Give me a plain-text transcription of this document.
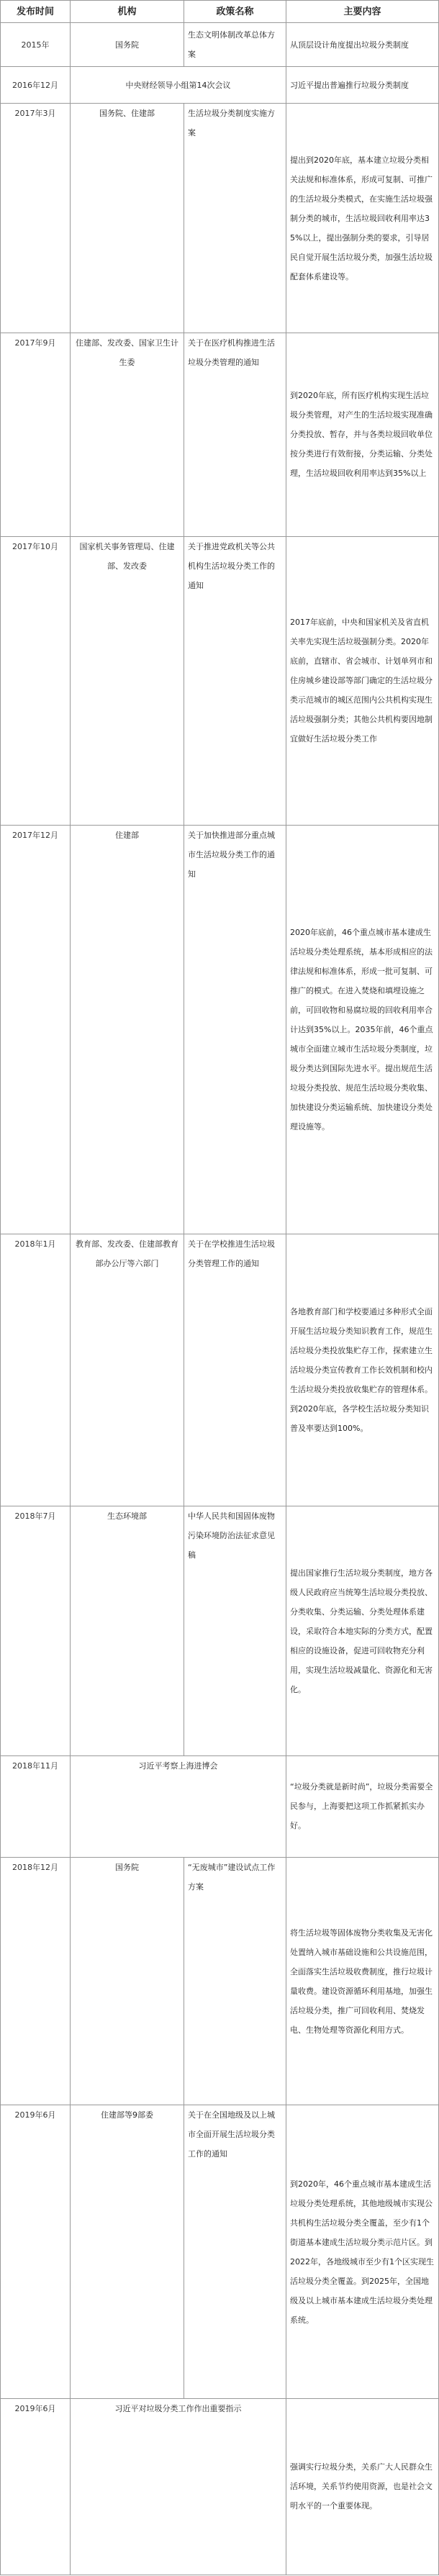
发布时间	机构	政策名称	主要内容
2015年	国务院	生态文明体制改革总体方案	从顶层设计角度提出垃圾分类制度
2016年12月	中央财经领导小组第14次会议		习近平提出普遍推行垃圾分类制度
2017年3月	国务院、住建部	生活垃圾分类制度实施方案	提出到2020年底，基本建立垃圾分类相关法规和标准体系，形成可复制、可推广的生活垃圾分类模式，在实施生活垃圾强制分类的城市，生活垃圾回收利用率达35%以上，提出强制分类的要求，引导居民自觉开展生活垃圾分类，加强生活垃圾配套体系建设等。
2017年9月	住建部、发改委、国家卫生计生委	关于在医疗机构推进生活垃圾分类管理的通知	到2020年底，所有医疗机构实现生活垃圾分类管理，对产生的生活垃圾实现准确分类投放、暂存，并与各类垃圾回收单位按分类进行有效衔接，分类运输、分类处理，生活垃圾回收利用率达到35%以上
2017年10月	国家机关事务管理局、住建部、发改委	关于推进党政机关等公共机构生活垃圾分类工作的通知	2017年底前，中央和国家机关及省直机关率先实现生活垃圾强制分类。2020年底前，直辖市、省会城市、计划单列市和住房城乡建设部等部门确定的生活垃圾分类示范城市的城区范围内公共机构实现生活垃圾强制分类；其他公共机构要因地制宜做好生活垃圾分类工作
2017年12月	住建部	关于加快推进部分重点城市生活垃圾分类工作的通知	2020年底前，46个重点城市基本建成生活垃圾分类处理系统，基本形成相应的法律法规和标准体系，形成一批可复制、可推广的模式。在进入焚烧和填埋设施之前，可回收物和易腐垃圾的回收利用率合计达到35%以上。2035年前，46个重点城市全面建立城市生活垃圾分类制度，垃圾分类达到国际先进水平。提出规范生活垃圾分类投放、规范生活垃圾分类收集、加快建设分类运输系统、加快建设分类处理设施等。
2018年1月	教育部、发改委、住建部教育部办公厅等六部门	关于在学校推进生活垃圾分类管理工作的通知	各地教育部门和学校要通过多种形式全面开展生活垃圾分类知识教育工作，规范生活垃圾分类投放集贮存工作，探索建立生活垃圾分类宣传教育工作长效机制和校内生活垃圾分类投放收集贮存的管理体系。到2020年底，各学校生活垃圾分类知识普及率要达到100%。
2018年7月	生态环境部	中华人民共和国固体废物污染环境防治法征求意见稿	提出国家推行生活垃圾分类制度，地方各级人民政府应当统筹生活垃圾分类投放、分类收集、分类运输、分类处理体系建设，采取符合本地实际的分类方式，配置相应的设施设备，促进可回收物充分利用，实现生活垃圾减量化、资源化和无害化。
2018年11月	习近平考察上海进博会		“垃圾分类就是新时尚”，垃圾分类需要全民参与，上海要把这项工作抓紧抓实办好。
2018年12月	国务院	“无废城市”建设试点工作方案	将生活垃圾等固体废物分类收集及无害化处置纳入城市基础设施和公共设施范围，全面落实生活垃圾收费制度，推行垃圾计量收费。建设资源循环利用基地，加强生活垃圾分类，推广可回收利用、焚烧发电、生物处理等资源化利用方式。
2019年6月	住建部等9部委	关于在全国地级及以上城市全面开展生活垃圾分类工作的通知	到2020年，46个重点城市基本建成生活垃圾分类处理系统，其他地级城市实现公共机构生活垃圾分类全覆盖，至少有1个街道基本建成生活垃圾分类示范片区。到2022年，各地级城市至少有1个区实现生活垃圾分类全覆盖。到2025年，全国地级及以上城市基本建成生活垃圾分类处理系统。
2019年6月	习近平对垃圾分类工作作出重要指示		强调实行垃圾分类，关系广大人民群众生活环境，关系节约使用资源，也是社会文明水平的一个重要体现。
